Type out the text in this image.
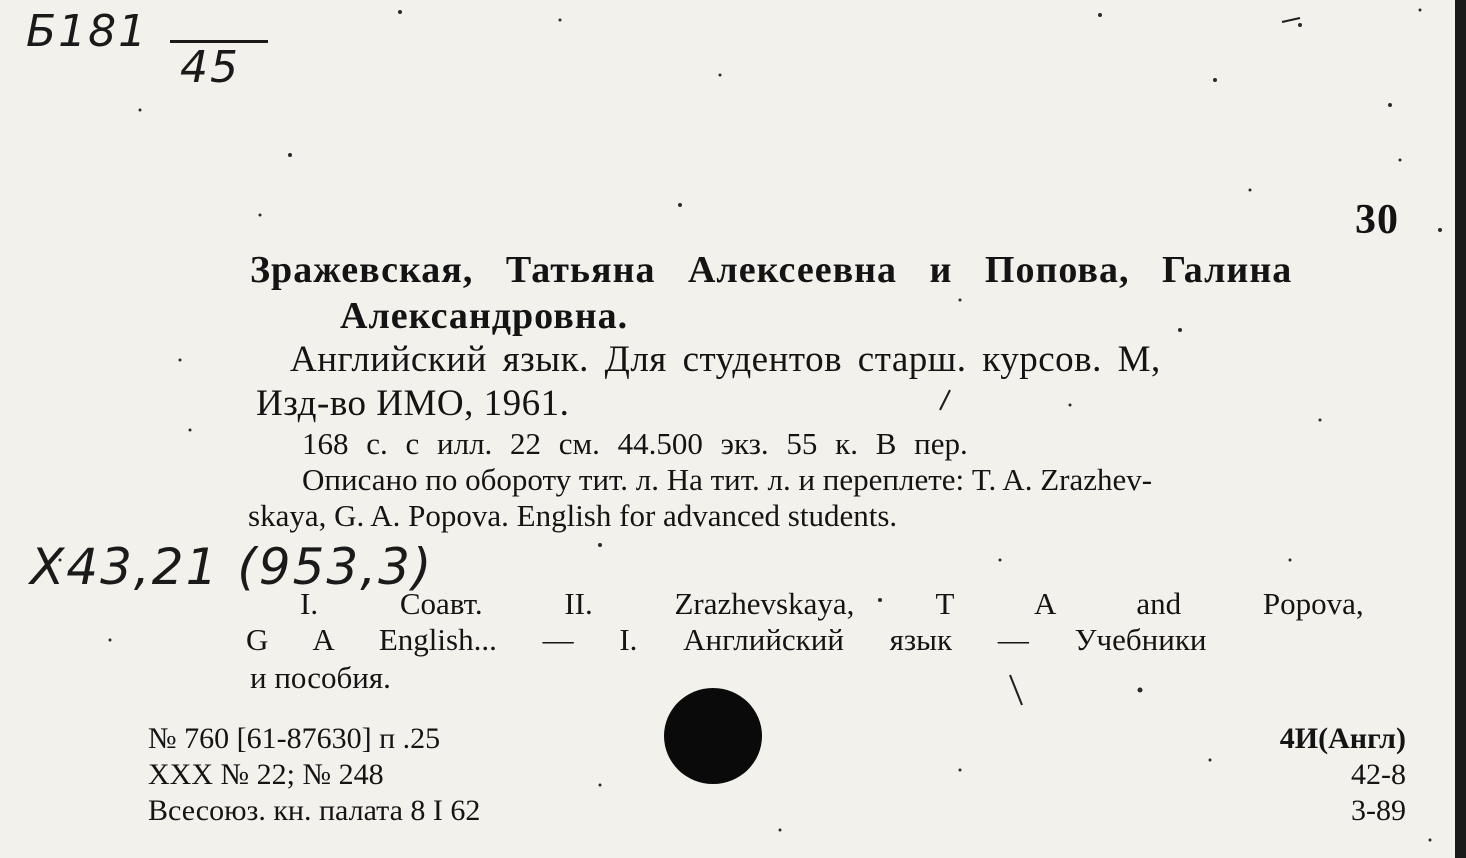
Б181
45
X43,21 (953,3)
30
Зражевская, Татьяна Алексеевна и Попова, Галина
Александровна.
Английский язык. Для студентов старш. курсов. М,
Изд-во ИМО, 1961.
168 с. с илл. 22 см. 44.500 экз. 55 к. В пер.
Описано по обороту тит. л. На тит. л. и переплете: T. A. Zrazhev-
skaya, G. A. Popova. English for advanced students.
I. Соавт. II. Zrazhevskaya, T A and Popova,
G A English... — I. Английский язык — Учебники
и пособия.
№ 760 [61-87630] п .25
XXX № 22; № 248
Всесоюз. кн. палата 8 I 62
4И(Англ)
42-8
3-89
